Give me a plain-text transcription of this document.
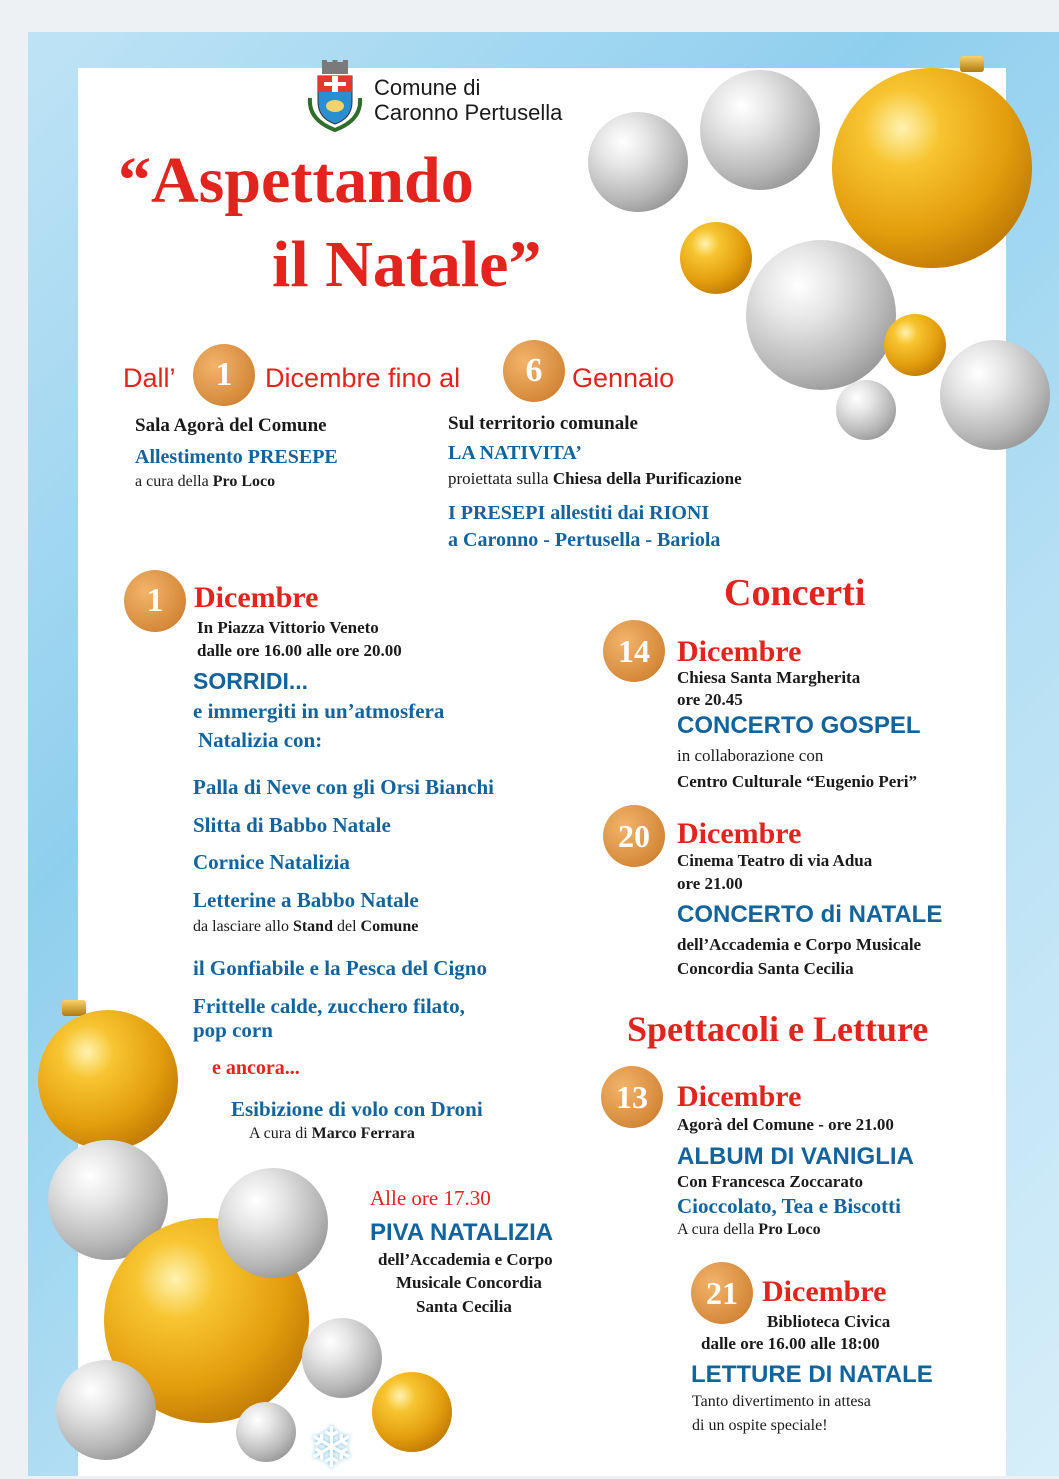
❄
Comune di
Caronno Pertusella
“Aspettando
il Natale”
Dall’	1	Dicembre fino al	6	Gennaio
Sala Agorà del Comune
Allestimento PRESEPE
a cura della Pro Loco
Sul territorio comunale
LA NATIVITA’
proiettata sulla Chiesa della Purificazione
I PRESEPI allestiti dai RIONI
a Caronno - Pertusella - Bariola
1	Dicembre
In Piazza Vittorio Veneto
dalle ore 16.00 alle ore 20.00
SORRIDI...
e immergiti in un’atmosfera
Natalizia con:
Palla di Neve con gli Orsi Bianchi
Slitta di Babbo Natale
Cornice Natalizia
Letterine a Babbo Natale
da lasciare allo Stand del Comune
il Gonfiabile e la Pesca del Cigno
Frittelle calde, zucchero filato,
pop corn
e ancora...
Esibizione di volo con Droni
A cura di Marco Ferrara
Alle ore 17.30
PIVA NATALIZIA
dell’Accademia e Corpo
Musicale Concordia
Santa Cecilia
Concerti
14 Dicembre
Chiesa Santa Margherita
ore 20.45
CONCERTO GOSPEL
in collaborazione con
Centro Culturale “Eugenio Peri”
20 Dicembre
Cinema Teatro di via Adua
ore 21.00
CONCERTO di NATALE
dell’Accademia e Corpo Musicale
Concordia Santa Cecilia
Spettacoli e Letture
13 Dicembre
Agorà del Comune - ore 21.00
ALBUM DI VANIGLIA
Con Francesca Zoccarato
Cioccolato, Tea e Biscotti
A cura della Pro Loco
21 Dicembre
Biblioteca Civica
dalle ore 16.00 alle 18:00
LETTURE DI NATALE
Tanto divertimento in attesa
di un ospite speciale!
